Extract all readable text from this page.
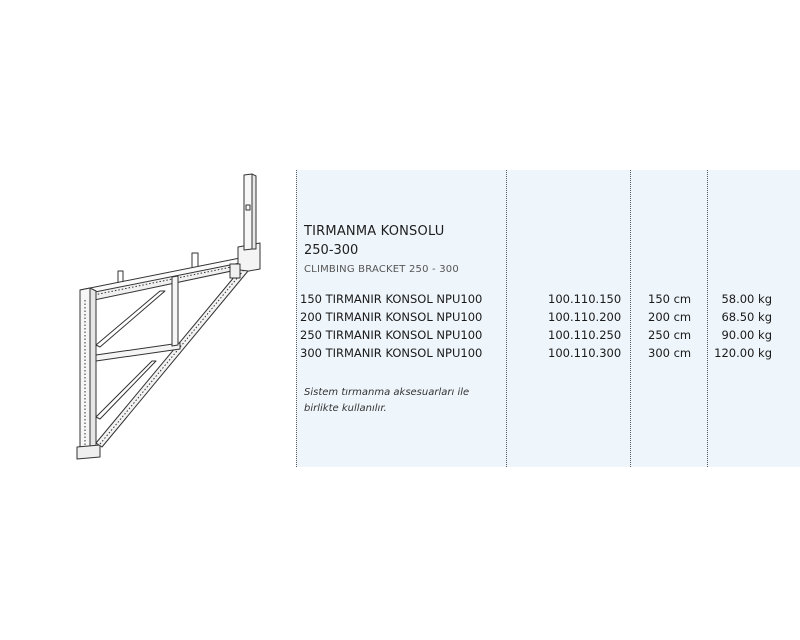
TIRMANMA KONSOLU
250-300
CLIMBING BRACKET 250 - 300
150 TIRMANIR KONSOL NPU100	100.110.150 150 cm	58.00 kg
200 TIRMANIR KONSOL NPU100	100.110.200 200 cm	68.50 kg
250 TIRMANIR KONSOL NPU100	100.110.250 250 cm	90.00 kg
300 TIRMANIR KONSOL NPU100	100.110.300 300 cm 120.00 kg
Sistem tırmanma aksesuarları ile birlikte kullanılır.
